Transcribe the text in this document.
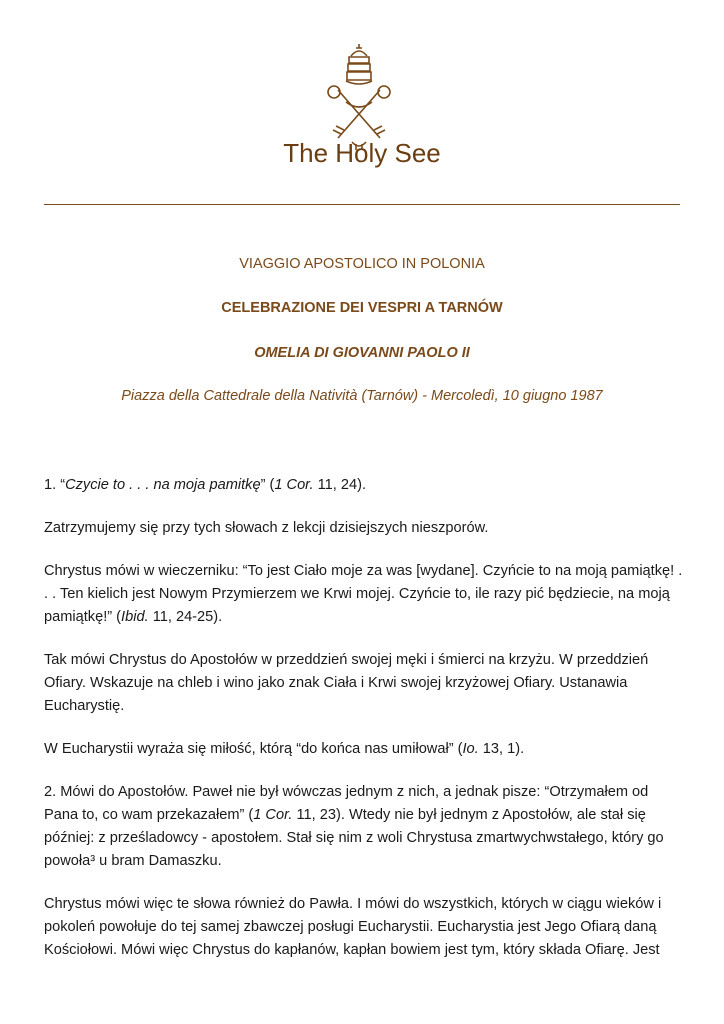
The Holy See
VIAGGIO APOSTOLICO IN POLONIA
CELEBRAZIONE DEI VESPRI A TARNÓW
OMELIA DI GIOVANNI PAOLO II
Piazza della Cattedrale della Natività (Tarnów) - Mercoledì, 10 giugno 1987

1. “Czycie to . . . na moja pamitkę” (1 Cor. 11, 24).

Zatrzymujemy się przy tych słowach z lekcji dzisiejszych nieszporów.

Chrystus mówi w wieczerniku: “To jest Ciało moje za was [wydane]. Czyńcie to na moją pamiątkę! . . . Ten kielich jest Nowym Przymierzem we Krwi mojej. Czyńcie to, ile razy pić będziecie, na moją pamiątkę!” (Ibid. 11, 24-25).

Tak mówi Chrystus do Apostołów w przeddzień swojej męki i śmierci na krzyżu. W przeddzień Ofiary. Wskazuje na chleb i wino jako znak Ciała i Krwi swojej krzyżowej Ofiary. Ustanawia Eucharystię.

W Eucharystii wyraża się miłość, którą “do końca nas umiłował” (Io. 13, 1).

2. Mówi do Apostołów. Paweł nie był wówczas jednym z nich, a jednak pisze: “Otrzymałem od Pana to, co wam przekazałem” (1 Cor. 11, 23). Wtedy nie był jednym z Apostołów, ale stał się później: z prześladowcy - apostołem. Stał się nim z woli Chrystusa zmartwychwstałego, który go powoła³ u bram Damaszku.

Chrystus mówi więc te słowa również do Pawła. I mówi do wszystkich, których w ciągu wieków i pokoleń powołuje do tej samej zbawczej posługi Eucharystii. Eucharystia jest Jego Ofiarą daną Kościołowi. Mówi więc Chrystus do kapłanów, kapłan bowiem jest tym, który składa Ofiarę. Jest
